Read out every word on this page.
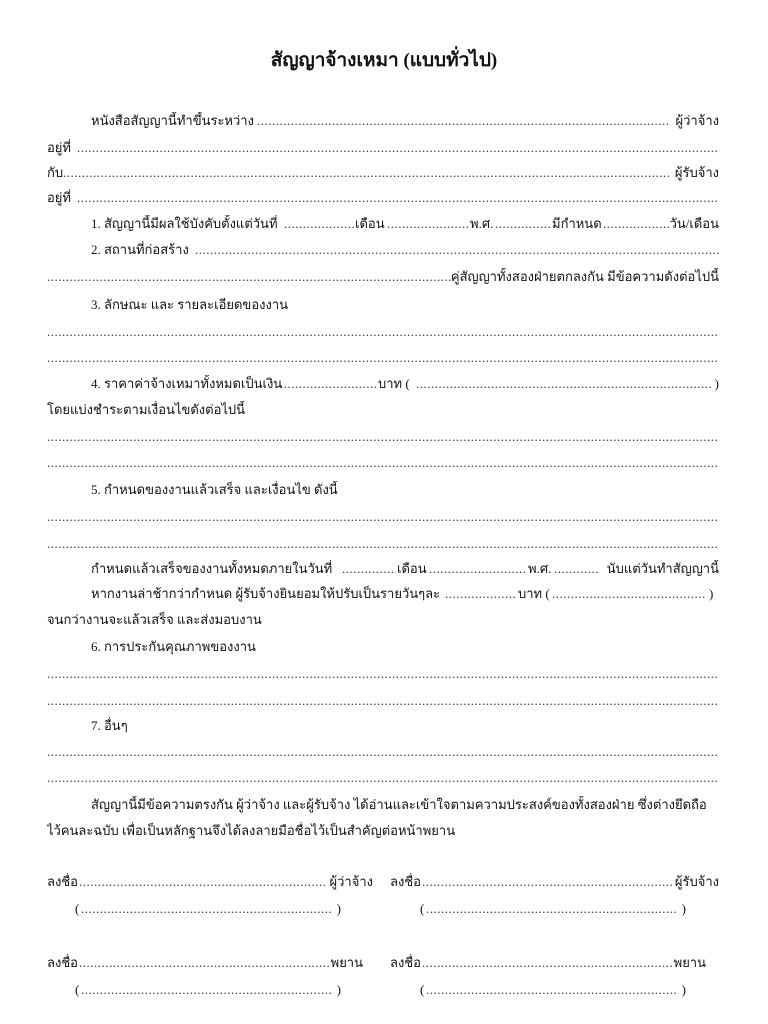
สัญญาจ้างเหมา (แบบทั่วไป)
หนังสือสัญญานี้ทำขึ้นระหว่าง .....	ผู้ว่าจ้าง
อยู่ที่
.....
กับ .....	ผู้รับจ้าง
อยู่ที่
.....
1. สัญญานี้มีผลใช้บังคับตั้งแต่วันที่ .....	เดือน .....	พ.ศ. .....	มีกำหนด .....	วัน/เดือน
2. สถานที่ก่อสร้าง
.....
.....
คู่สัญญาทั้งสองฝ่ายตกลงกัน มีข้อความดังต่อไปนี้
3. ลักษณะ และ รายละเอียดของงาน
.....
.....
4. ราคาค่าจ้างเหมาทั้งหมดเป็นเงิน .....	บาท ( .....	)
โดยแบ่งชำระตามเงื่อนไขดังต่อไปนี้
.....
.....
5. กำหนดของงานแล้วเสร็จ และเงื่อนไข ดังนี้
.....
.....
กำหนดแล้วเสร็จของงานทั้งหมดภายในวันที่ .....	เดือน .....	พ.ศ. .....	นับแต่วันทำสัญญานี้
หากงานล่าช้ากว่ากำหนด ผู้รับจ้างยินยอมให้ปรับเป็นรายวันๆละ .....	บาท ( .....	)
จนกว่างานจะแล้วเสร็จ และส่งมอบงาน
6. การประกันคุณภาพของงาน
.....
.....
7. อื่นๆ
.....
.....
สัญญานี้มีข้อความตรงกัน ผู้ว่าจ้าง และผู้รับจ้าง ได้อ่านและเข้าใจตามความประสงค์ของทั้งสองฝ่าย ซึ่งต่างยึดถือ
ไว้คนละฉบับ เพื่อเป็นหลักฐานจึงได้ลงลายมือชื่อไว้เป็นสำคัญต่อหน้าพยาน
ลงชื่อ .....	ผู้ว่าจ้าง ลงชื่อ .....	ผู้รับจ้าง
( .....	)	( .....	)
ลงชื่อ .....	พยาน ลงชื่อ .....	พยาน
( .....	)	( .....	)
